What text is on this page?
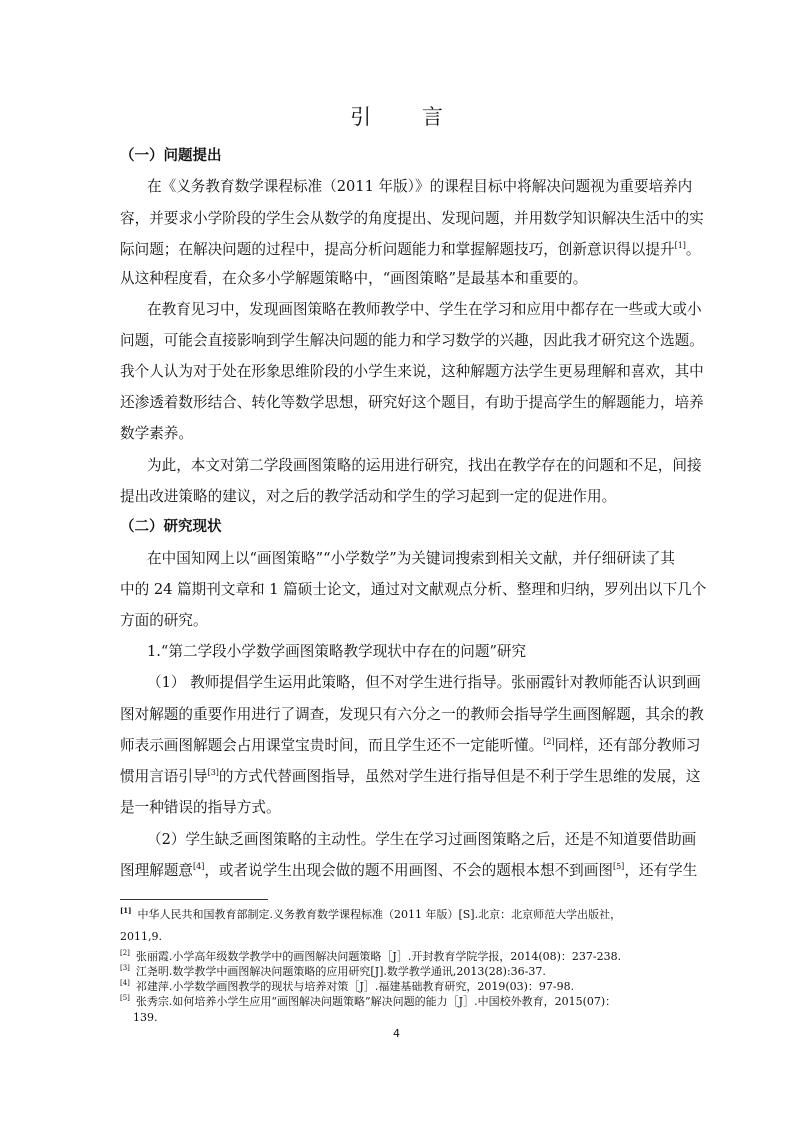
引 言
（一）问题提出
在《义务教育数学课程标准（2011 年版）》的课程目标中将解决问题视为重要培养内
容，并要求小学阶段的学生会从数学的角度提出、发现问题，并用数学知识解决生活中的实
际问题；在解决问题的过程中，提高分析问题能力和掌握解题技巧，创新意识得以提升[1]。
从这种程度看，在众多小学解题策略中，“画图策略”是最基本和重要的。
在教育见习中，发现画图策略在教师教学中、学生在学习和应用中都存在一些或大或小
问题，可能会直接影响到学生解决问题的能力和学习数学的兴趣，因此我才研究这个选题。
我个人认为对于处在形象思维阶段的小学生来说，这种解题方法学生更易理解和喜欢，其中
还渗透着数形结合、转化等数学思想，研究好这个题目，有助于提高学生的解题能力，培养
数学素养。
为此，本文对第二学段画图策略的运用进行研究，找出在教学存在的问题和不足，间接
提出改进策略的建议，对之后的教学活动和学生的学习起到一定的促进作用。
（二）研究现状
在中国知网上以“画图策略”“小学数学”为关键词搜索到相关文献，并仔细研读了其
中的 24 篇期刊文章和 1 篇硕士论文，通过对文献观点分析、整理和归纳，罗列出以下几个
方面的研究。
1.“第二学段小学数学画图策略教学现状中存在的问题”研究
（1） 教师提倡学生运用此策略，但不对学生进行指导。张丽霞针对教师能否认识到画
图对解题的重要作用进行了调查，发现只有六分之一的教师会指导学生画图解题，其余的教
师表示画图解题会占用课堂宝贵时间，而且学生还不一定能听懂。[2]同样，还有部分教师习
惯用言语引导[3]的方式代替画图指导，虽然对学生进行指导但是不利于学生思维的发展，这
是一种错误的指导方式。
（2）学生缺乏画图策略的主动性。学生在学习过画图策略之后，还是不知道要借助画
图理解题意[4]，或者说学生出现会做的题不用画图、不会的题根本想不到画图[5]，还有学生
[1] 中华人民共和国教育部制定.义务教育数学课程标准（2011 年版）[S].北京：北京师范大学出版社，
2011,9.
[2] 张丽霞.小学高年级数学教学中的画图解决问题策略［J］.开封教育学院学报，2014(08)：237-238.
[3] 江尧明.数学教学中画图解决问题策略的应用研究[J].数学教学通讯,2013(28):36-37.
[4] 祁建萍.小学数学画图教学的现状与培养对策［J］.福建基础教育研究，2019(03)：97-98.
[5] 张秀宗.如何培养小学生应用“画图解决问题策略”解决问题的能力［J］.中国校外教育，2015(07)：
139.
4
